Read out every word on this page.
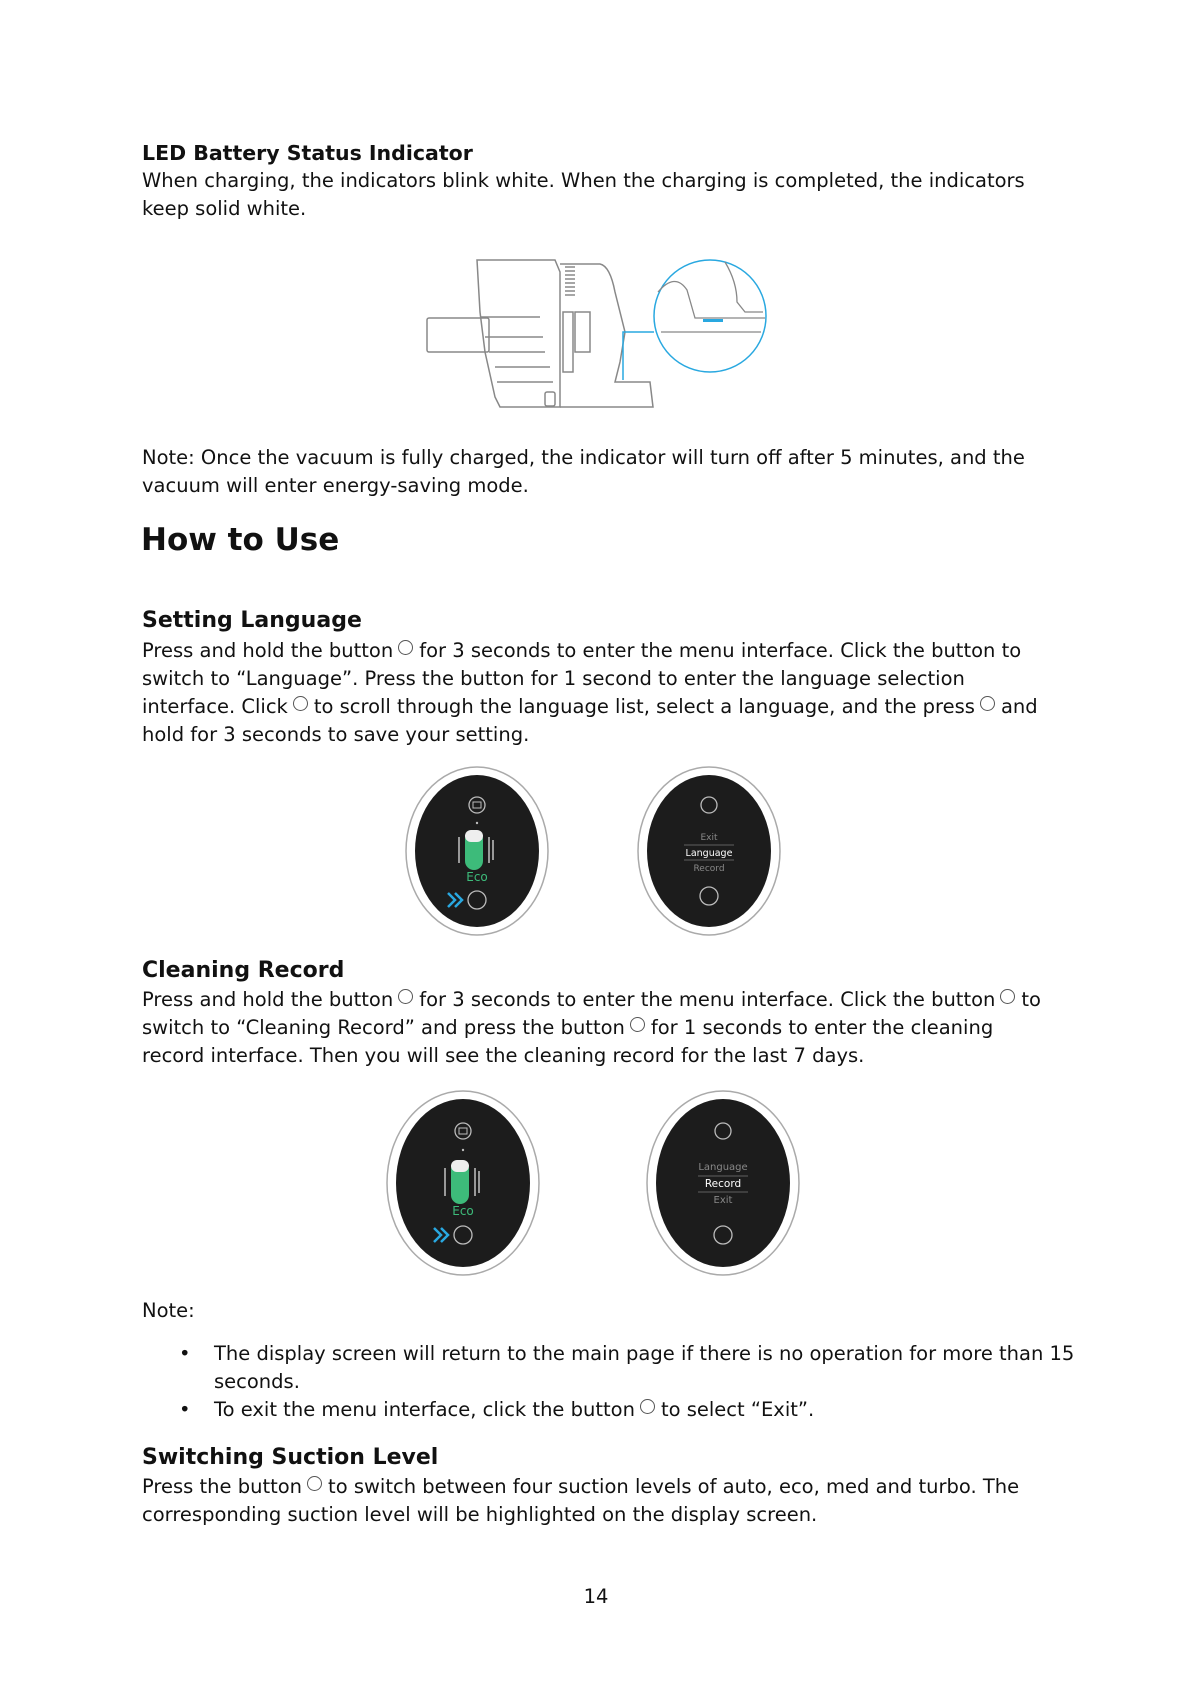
LED Battery Status Indicator
When charging, the indicators blink white. When the charging is completed, the indicators keep solid white.
Note: Once the vacuum is fully charged, the indicator will turn off after 5 minutes, and the vacuum will enter energy-saving mode.
How to Use
Setting Language
Press and hold the button for 3 seconds to enter the menu interface. Click the button to switch to “Language”. Press the button for 1 second to enter the language selection interface. Click to scroll through the language list, select a language, and the press and hold for 3 seconds to save your setting.
Eco
Exit
Language
Record
Cleaning Record
Press and hold the button for 3 seconds to enter the menu interface. Click the button to switch to “Cleaning Record” and press the button for 1 seconds to enter the cleaning record interface. Then you will see the cleaning record for the last 7 days.
Eco
Language
Record
Exit
Note:
• The display screen will return to the main page if there is no operation for more than 15 seconds.
• To exit the menu interface, click the button to select “Exit”.
Switching Suction Level
Press the button to switch between four suction levels of auto, eco, med and turbo. The corresponding suction level will be highlighted on the display screen.
14
